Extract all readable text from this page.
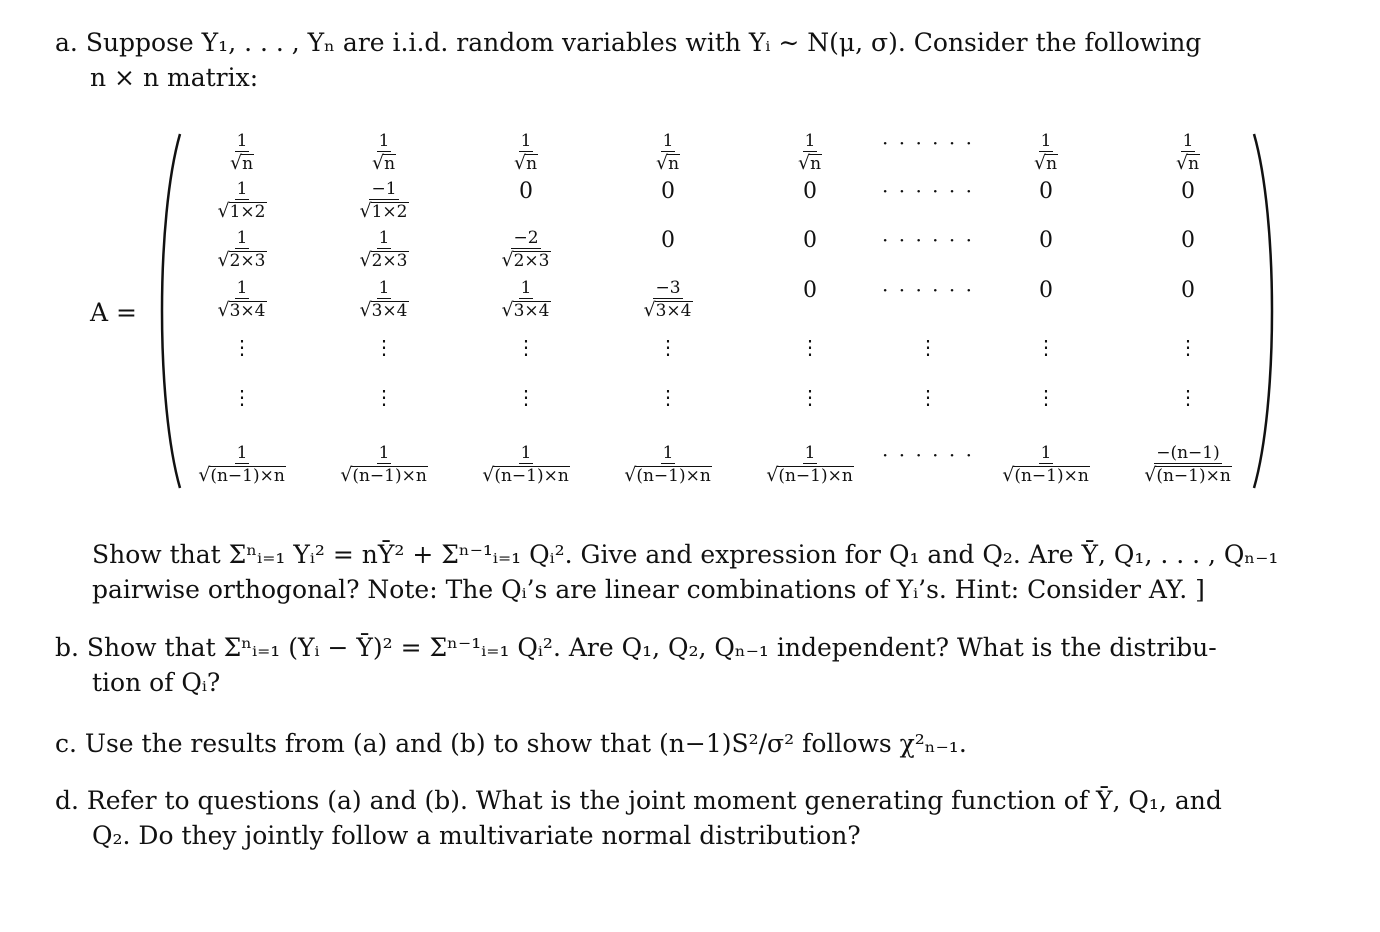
a. Suppose Y₁, . . . , Yₙ are i.i.d. random variables with Yᵢ ∼ N(μ, σ). Consider the following
n × n matrix:
A =
$\frac{1}{√ n}$	$\frac{1}{√ n}$	$\frac{1}{√ n}$	$\frac{1}{√ n}$	$\frac{1}{√ n}$	· · · · · ·	$\frac{1}{√ n}$	$\frac{1}{√ n}$
$\frac{1}{√ 1\times 2}$	$\frac{-1}{√ 1\times 2}$	0	0	0	· · · · · ·	0	0
$\frac{1}{√ 2\times 3}$	$\frac{1}{√ 2\times 3}$	$\frac{-2}{√ 2\times 3}$	0	0	· · · · · ·	0	0
$\frac{1}{√ 3\times 4}$	$\frac{1}{√ 3\times 4}$	$\frac{1}{√ 3\times 4}$	$\frac{-3}{√ 3\times 4}$	0	· · · · · ·	0	0
⋮	⋮	⋮	⋮	⋮	⋮	⋮	⋮
⋮	⋮	⋮	⋮	⋮	⋮	⋮	⋮
$\frac{1}{√ (n-1)\times n}$	$\frac{1}{√ (n-1)\times n}$	$\frac{1}{√ (n-1)\times n}$	$\frac{1}{√ (n-1)\times n}$	$\frac{1}{√ (n-1)\times n}$ · · · · · · $\frac{1}{√ (n-1)\times n}$	$\frac{-(n-1)}{√ (n-1)\times n}$
Show that Σⁿᵢ₌₁ Yᵢ² = nȲ² + Σⁿ⁻¹ᵢ₌₁ Qᵢ². Give and expression for Q₁ and Q₂. Are Ȳ, Q₁, . . . , Qₙ₋₁
pairwise orthogonal? Note: The Qᵢ’s are linear combinations of Yᵢ’s. Hint: Consider AY. ]
b. Show that Σⁿᵢ₌₁ (Yᵢ − Ȳ)² = Σⁿ⁻¹ᵢ₌₁ Qᵢ². Are Q₁, Q₂, Qₙ₋₁ independent? What is the distribu-
tion of Qᵢ?
c. Use the results from (a) and (b) to show that (n−1)S²/σ² follows χ²ₙ₋₁.
d. Refer to questions (a) and (b). What is the joint moment generating function of Ȳ, Q₁, and
Q₂. Do they jointly follow a multivariate normal distribution?
